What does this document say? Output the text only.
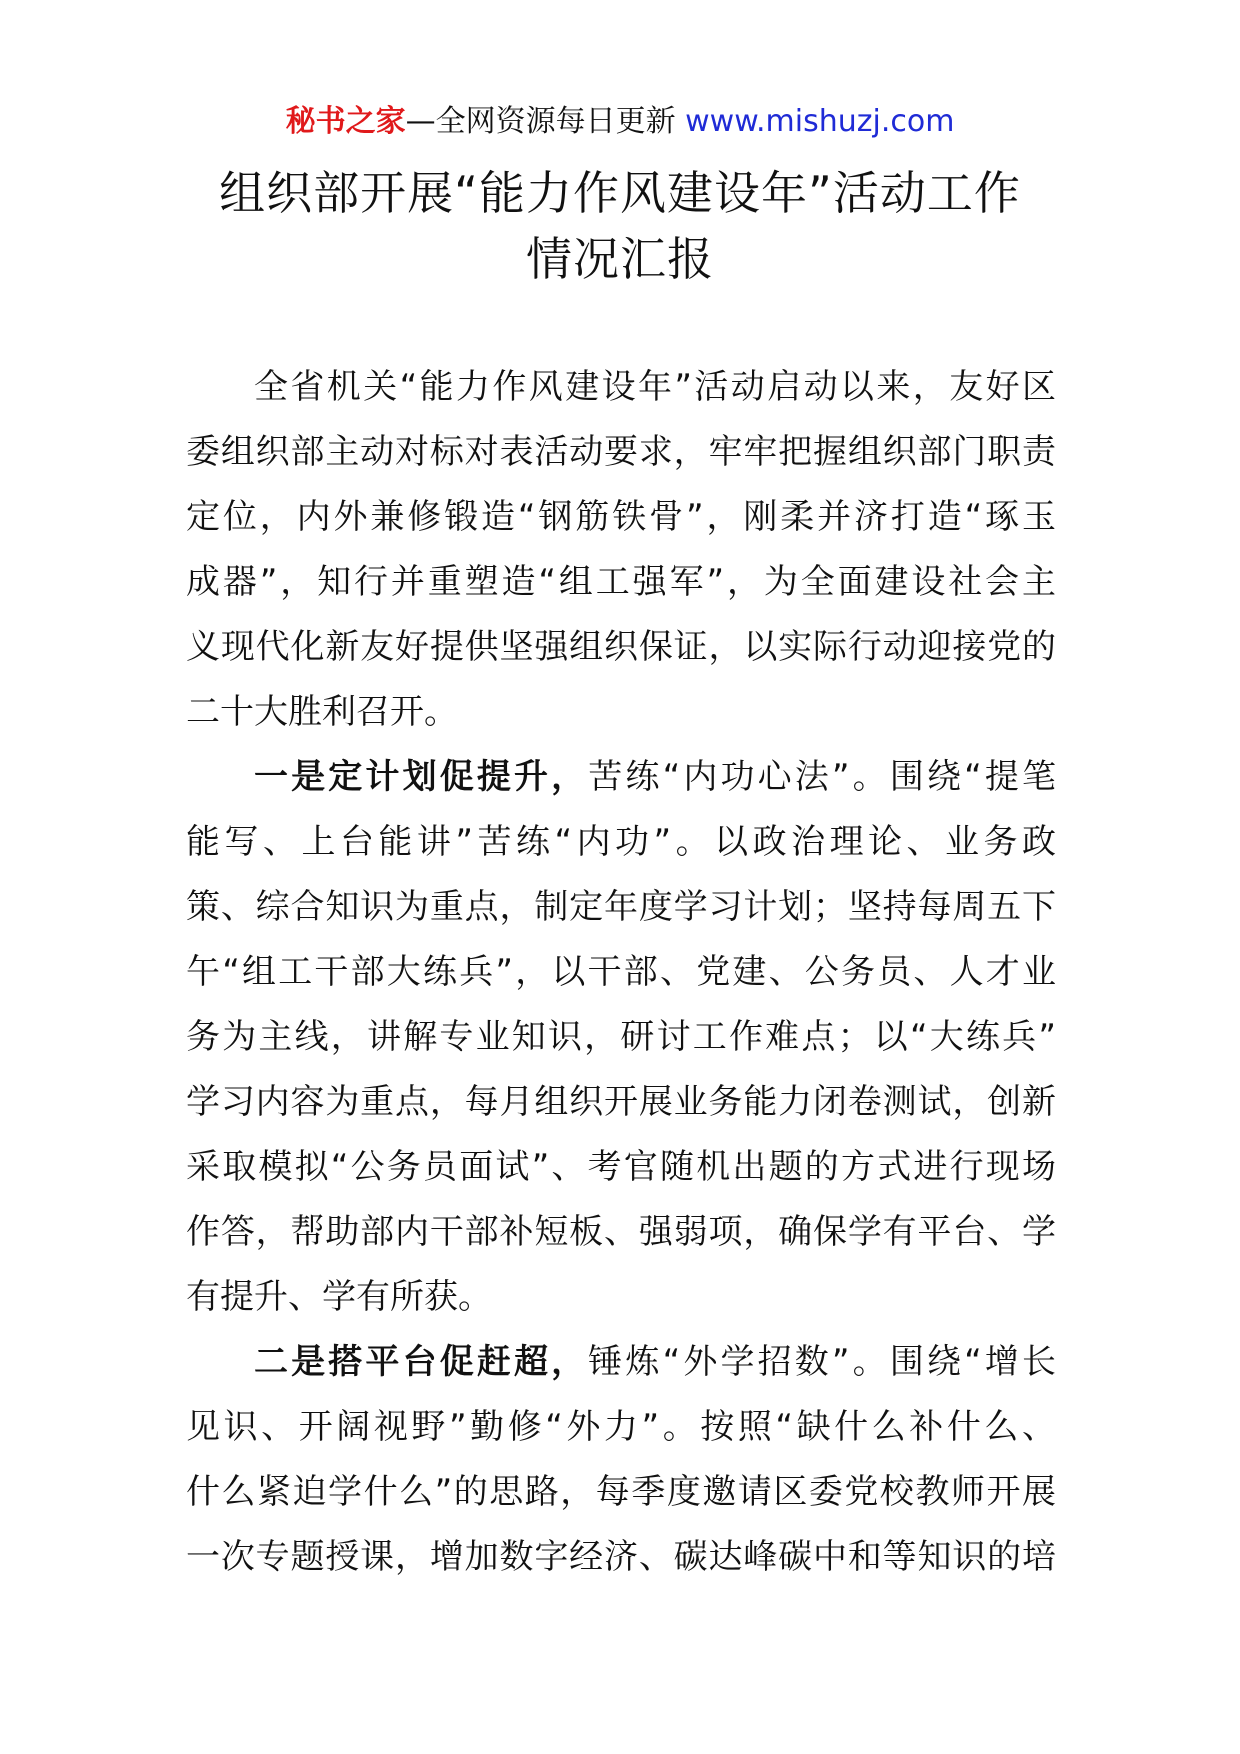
秘书之家—全网资源每日更新 www.mishuzj.com
组织部开展“能力作风建设年”活动工作
情况汇报
全省机关“能力作风建设年”活动启动以来，友好区
委组织部主动对标对表活动要求，牢牢把握组织部门职责
定位，内外兼修锻造“钢筋铁骨”，刚柔并济打造“琢玉
成器”，知行并重塑造“组工强军”，为全面建设社会主
义现代化新友好提供坚强组织保证，以实际行动迎接党的
二十大胜利召开。
一是定计划促提升，苦练“内功心法”。围绕“提笔
能写、上台能讲”苦练“内功”。以政治理论、业务政
策、综合知识为重点，制定年度学习计划；坚持每周五下
午“组工干部大练兵”，以干部、党建、公务员、人才业
务为主线，讲解专业知识，研讨工作难点；以“大练兵”
学习内容为重点，每月组织开展业务能力闭卷测试，创新
采取模拟“公务员面试”、考官随机出题的方式进行现场
作答，帮助部内干部补短板、强弱项，确保学有平台、学
有提升、学有所获。
二是搭平台促赶超，锤炼“外学招数”。围绕“增长
见识、开阔视野”勤修“外力”。按照“缺什么补什么、
什么紧迫学什么”的思路，每季度邀请区委党校教师开展
一次专题授课，增加数字经济、碳达峰碳中和等知识的培
